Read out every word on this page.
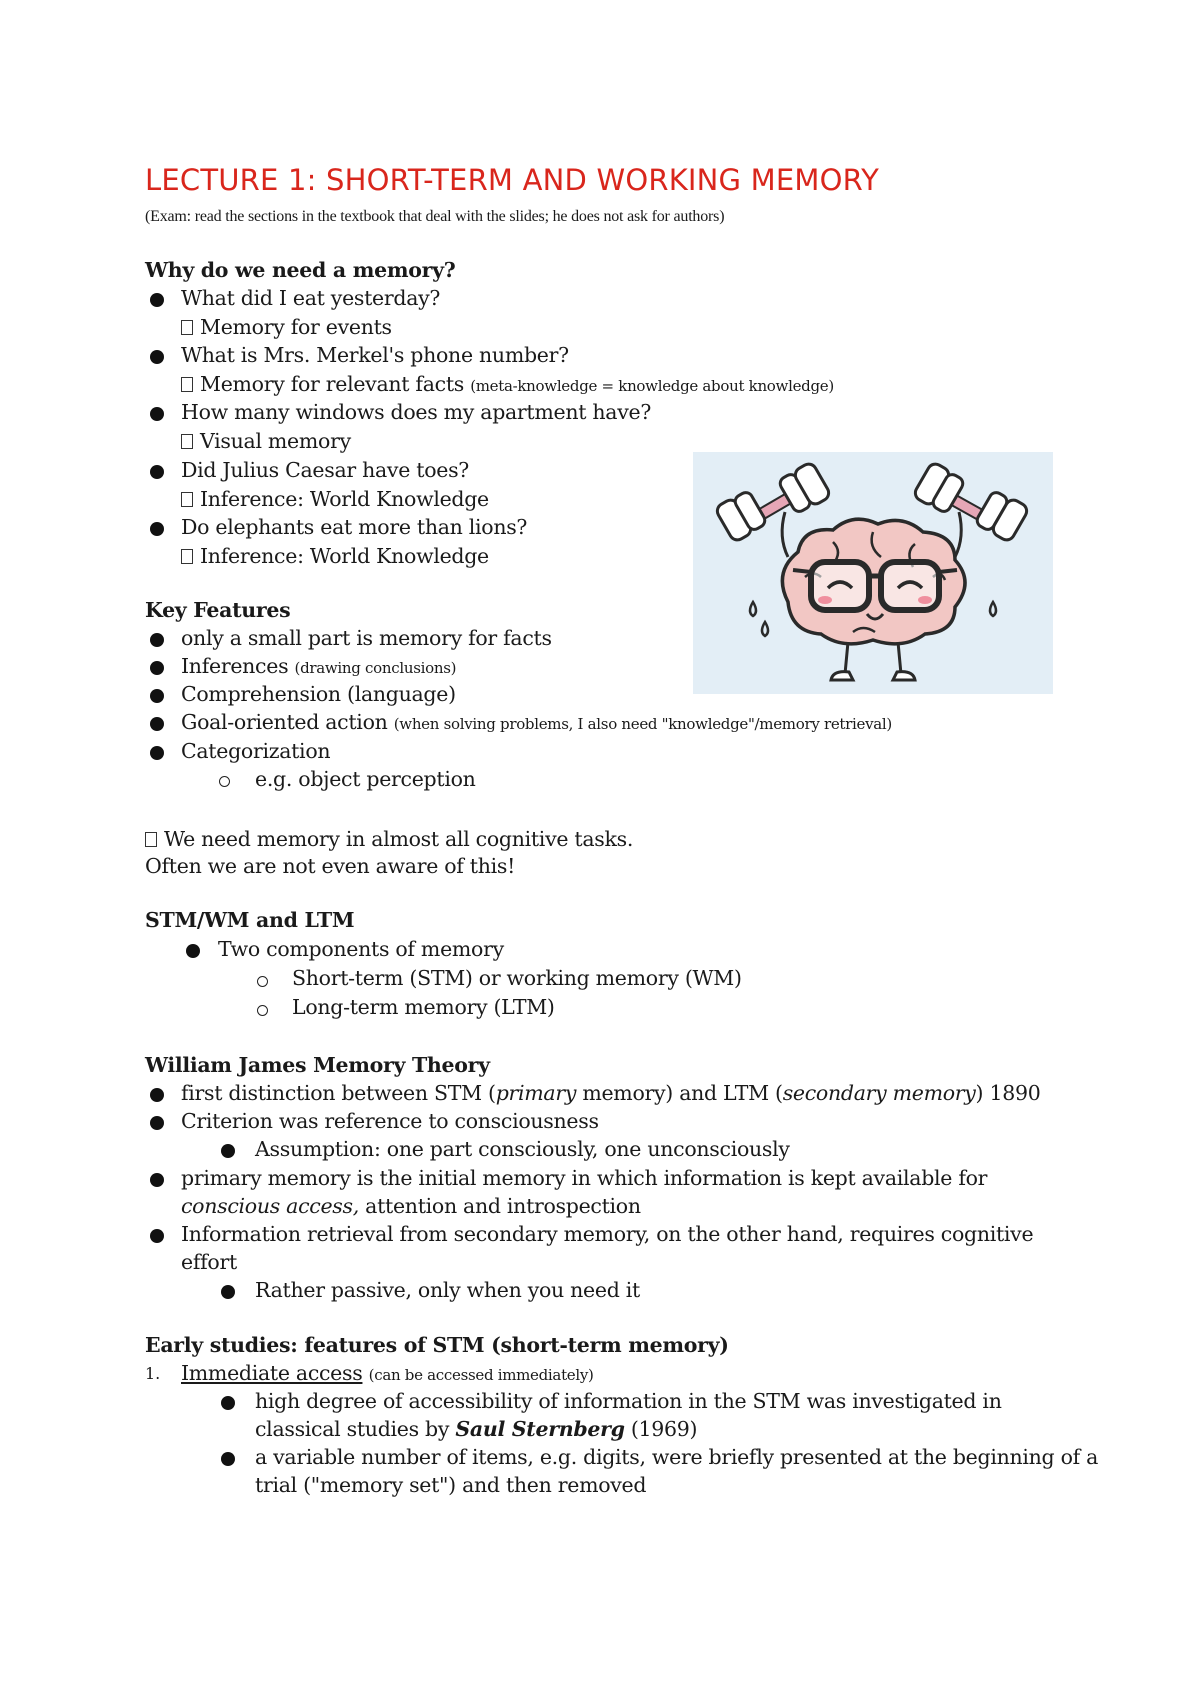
LECTURE 1: SHORT-TERM AND WORKING MEMORY
(Exam: read the sections in the textbook that deal with the slides; he does not ask for authors)
Why do we need a memory?
What did I eat yesterday?
Memory for events
What is Mrs. Merkel's phone number?
Memory for relevant facts (meta-knowledge = knowledge about knowledge)
How many windows does my apartment have?
Visual memory
Did Julius Caesar have toes?
Inference: World Knowledge
Do elephants eat more than lions?
Inference: World Knowledge
Key Features
only a small part is memory for facts
Inferences (drawing conclusions)
Comprehension (language)
Goal-oriented action (when solving problems, I also need "knowledge"/memory retrieval)
Categorization
e.g. object perception
We need memory in almost all cognitive tasks.
Often we are not even aware of this!
STM/WM and LTM
Two components of memory
Short-term (STM) or working memory (WM)
Long-term memory (LTM)
William James Memory Theory
first distinction between STM (primary memory) and LTM (secondary memory) 1890
Criterion was reference to consciousness
Assumption: one part consciously, one unconsciously
primary memory is the initial memory in which information is kept available for
conscious access, attention and introspection
Information retrieval from secondary memory, on the other hand, requires cognitive
effort
Rather passive, only when you need it
Early studies: features of STM (short-term memory)
1. Immediate access (can be accessed immediately)
high degree of accessibility of information in the STM was investigated in
classical studies by Saul Sternberg (1969)
a variable number of items, e.g. digits, were briefly presented at the beginning of a
trial ("memory set") and then removed
